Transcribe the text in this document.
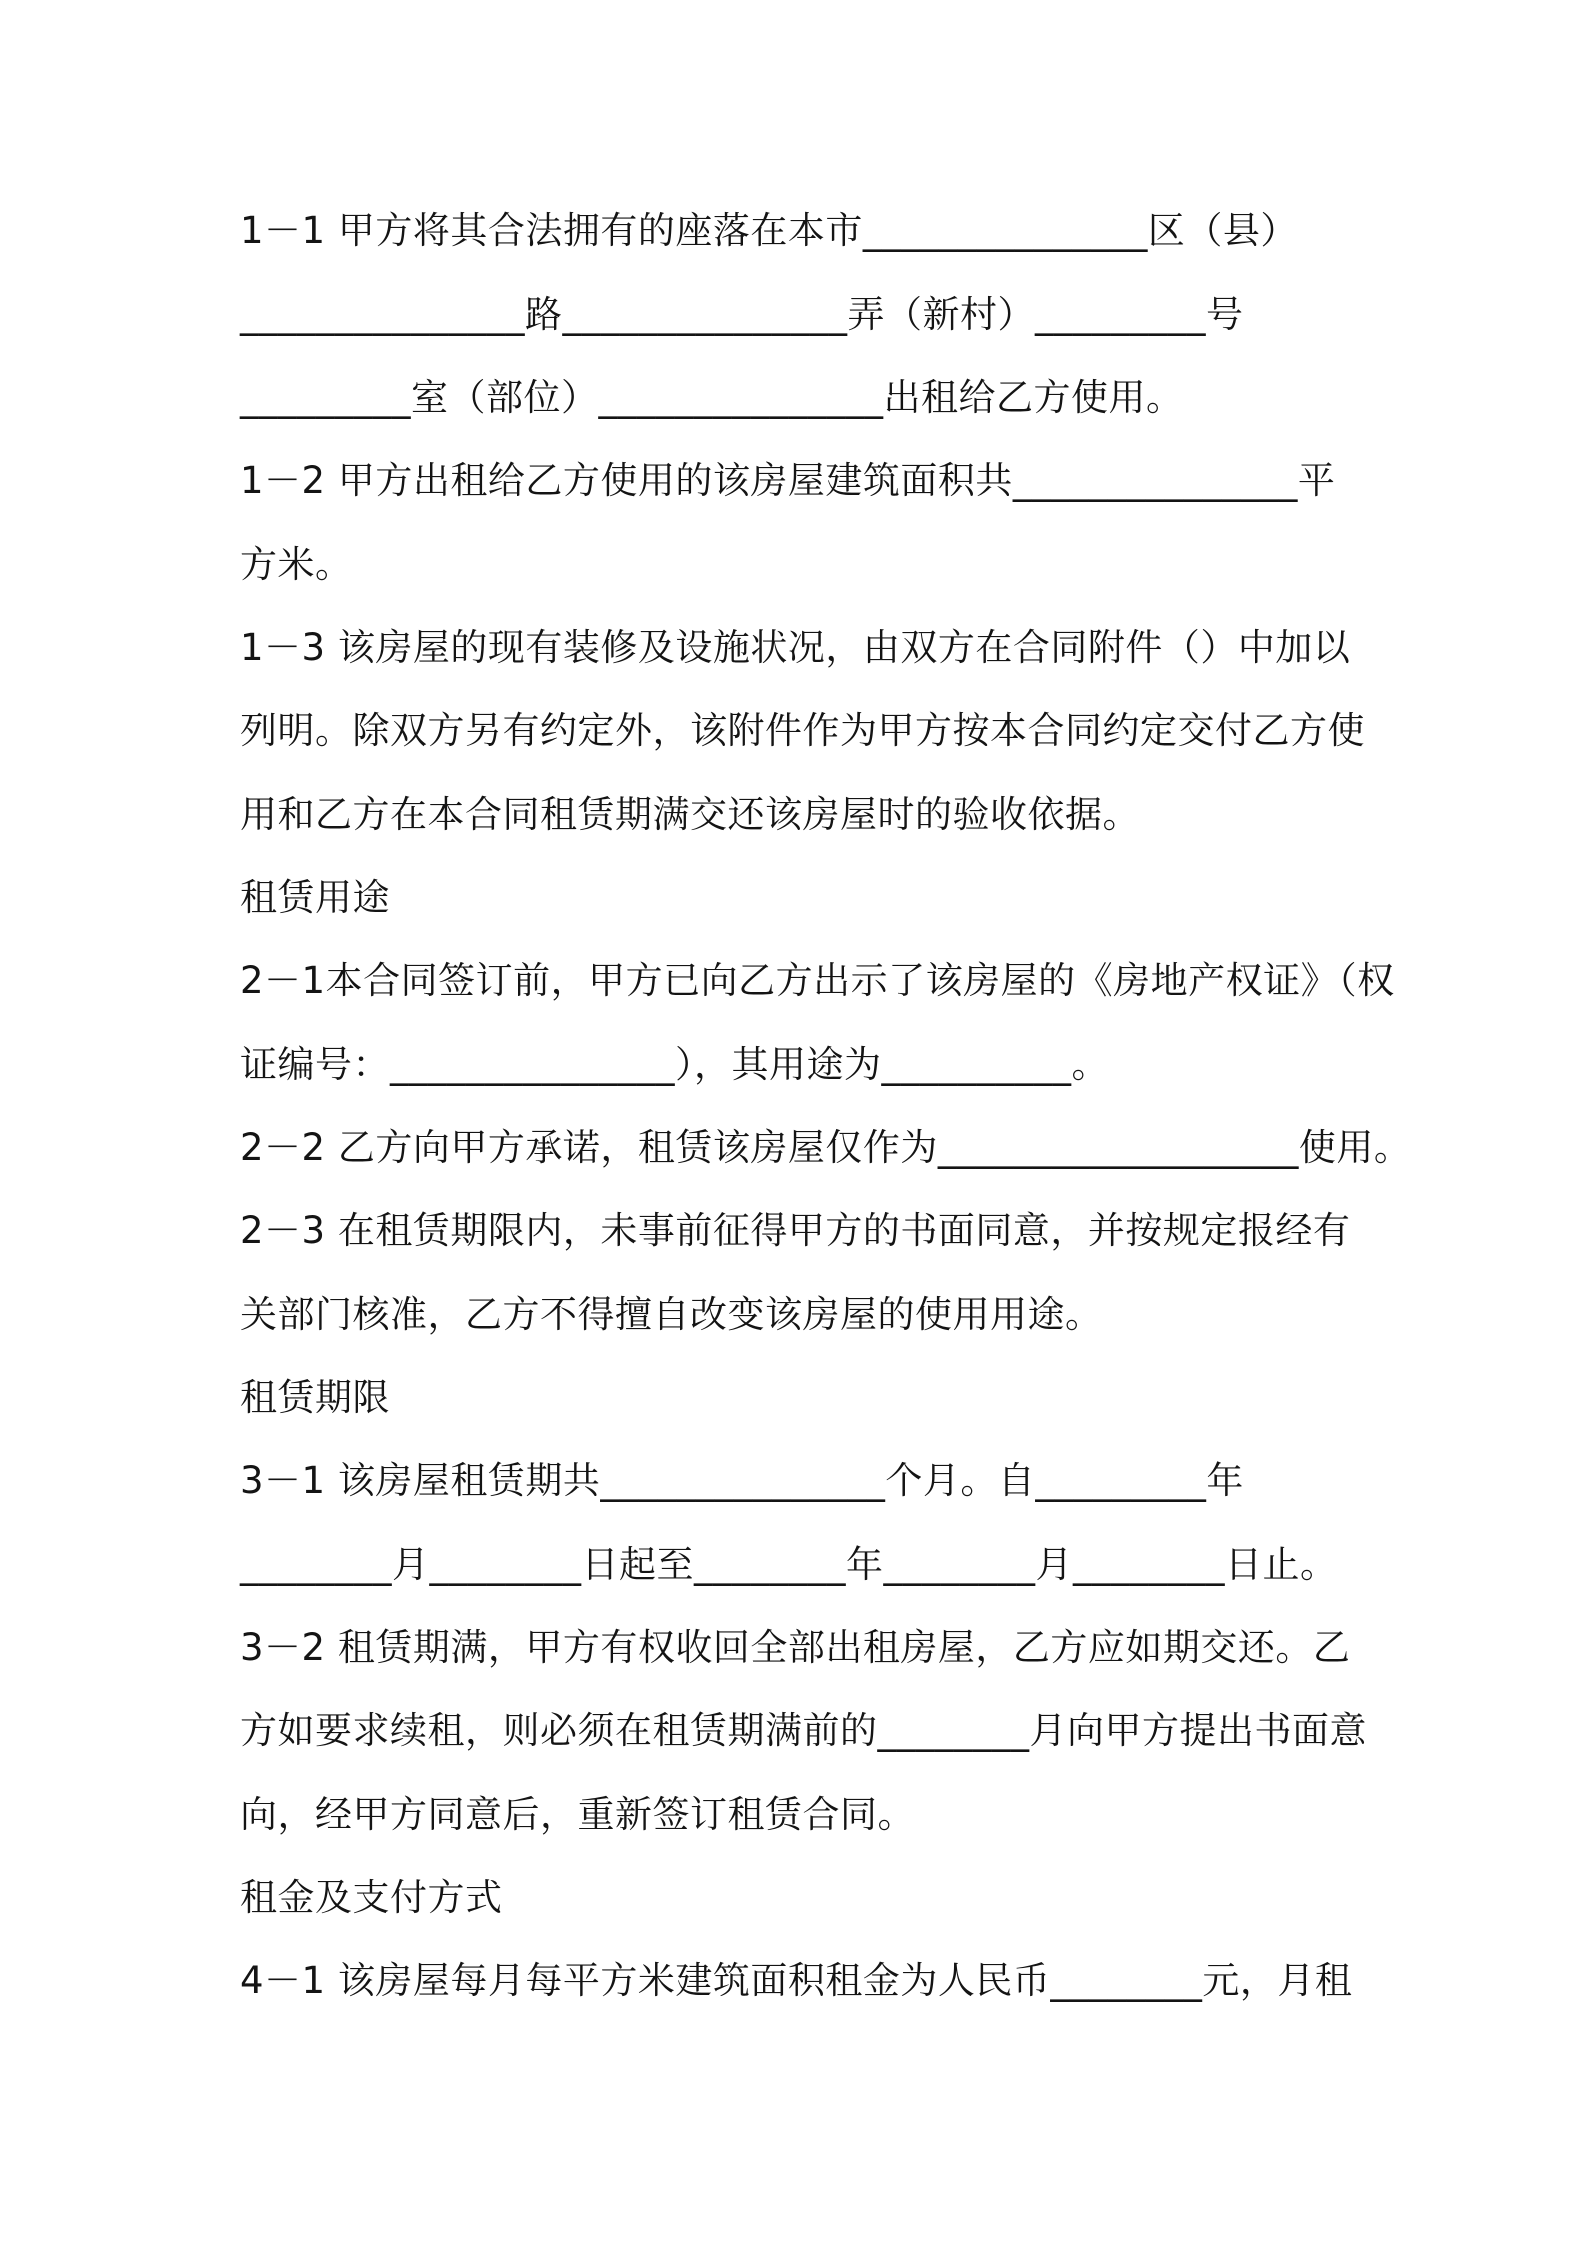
1－1 甲方将其合法拥有的座落在本市_______________区（县）
_______________路_______________弄（新村）_________号
_________室（部位）_______________出租给乙方使用。
1－2 甲方出租给乙方使用的该房屋建筑面积共_______________平
方米。
1－3 该房屋的现有装修及设施状况，由双方在合同附件（）中加以
列明。除双方另有约定外，该附件作为甲方按本合同约定交付乙方使
用和乙方在本合同租赁期满交还该房屋时的验收依据。
租赁用途
2－1本合同签订前，甲方已向乙方出示了该房屋的《房地产权证》（权
证编号：_______________），其用途为__________。
2－2 乙方向甲方承诺，租赁该房屋仅作为___________________使用。
2－3 在租赁期限内，未事前征得甲方的书面同意，并按规定报经有
关部门核准，乙方不得擅自改变该房屋的使用用途。
租赁期限
3－1 该房屋租赁期共_______________个月。自_________年
________月________日起至________年________月________日止。
3－2 租赁期满，甲方有权收回全部出租房屋，乙方应如期交还。乙
方如要求续租，则必须在租赁期满前的________月向甲方提出书面意
向，经甲方同意后，重新签订租赁合同。
租金及支付方式
4－1 该房屋每月每平方米建筑面积租金为人民币________元，月租
